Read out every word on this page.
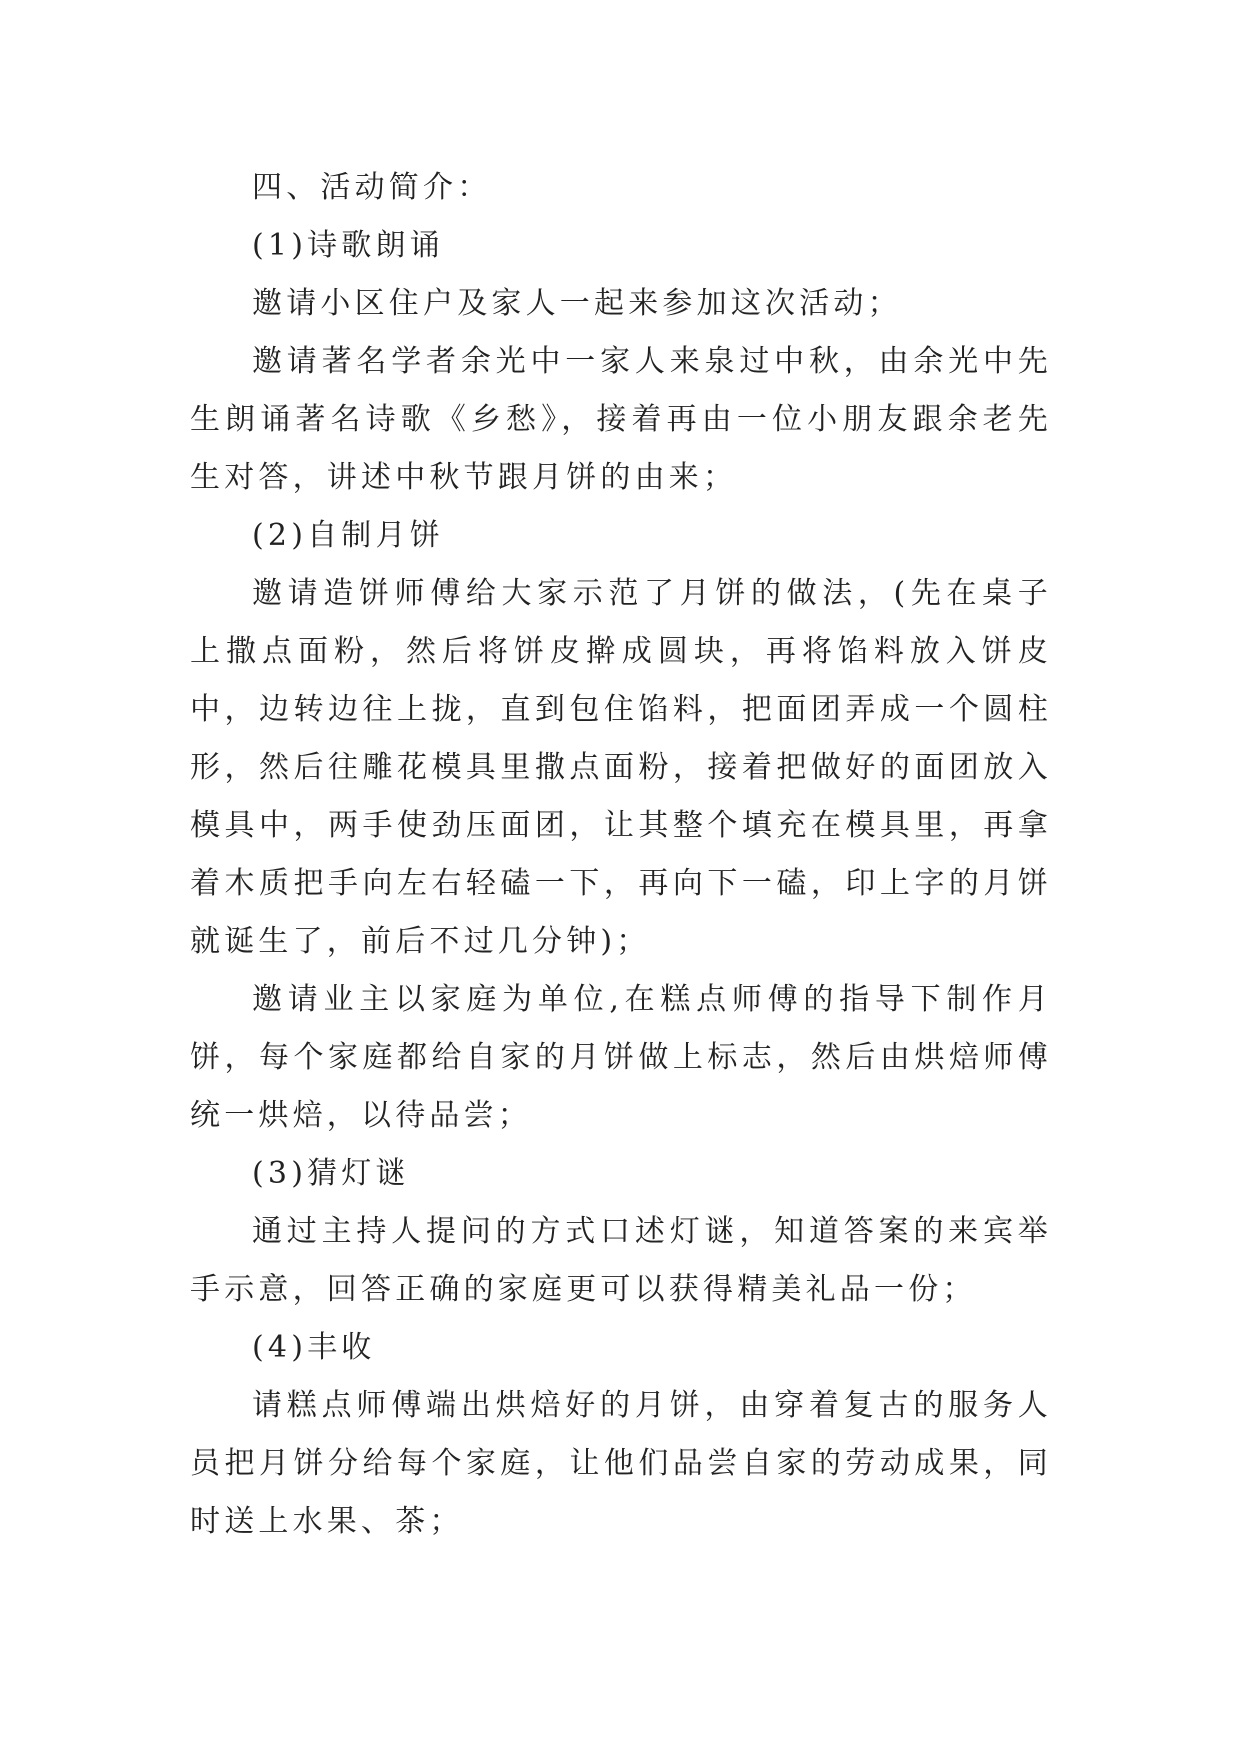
四、活动简介：

(1)诗歌朗诵

邀请小区住户及家人一起来参加这次活动；

邀请著名学者余光中一家人来泉过中秋，由余光中先生朗诵著名诗歌《乡愁》，接着再由一位小朋友跟余老先生对答，讲述中秋节跟月饼的由来；

(2)自制月饼

邀请造饼师傅给大家示范了月饼的做法，(先在桌子上撒点面粉，然后将饼皮擀成圆块，再将馅料放入饼皮中，边转边往上拢，直到包住馅料，把面团弄成一个圆柱形，然后往雕花模具里撒点面粉，接着把做好的面团放入模具中，两手使劲压面团，让其整个填充在模具里，再拿着木质把手向左右轻磕一下，再向下一磕，印上字的月饼就诞生了，前后不过几分钟)；

邀请业主以家庭为单位,在糕点师傅的指导下制作月饼，每个家庭都给自家的月饼做上标志，然后由烘焙师傅统一烘焙，以待品尝；

(3)猜灯谜

通过主持人提问的方式口述灯谜，知道答案的来宾举手示意，回答正确的家庭更可以获得精美礼品一份；

(4)丰收

请糕点师傅端出烘焙好的月饼，由穿着复古的服务人员把月饼分给每个家庭，让他们品尝自家的劳动成果，同时送上水果、茶；
